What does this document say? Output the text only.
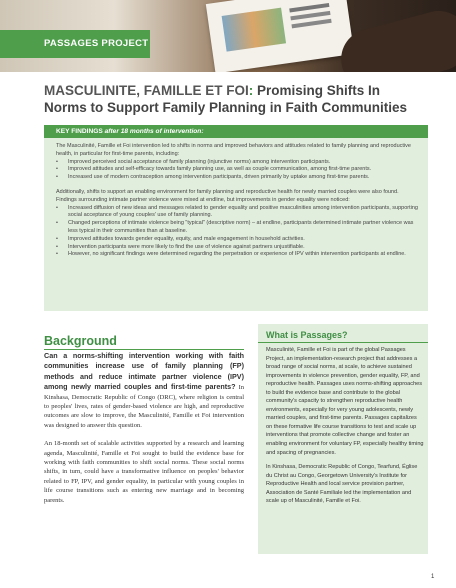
PASSAGES PROJECT
MASCULINITE, FAMILLE ET FOI: Promising Shifts In Norms to Support Family Planning in Faith Communities
KEY FINDINGS after 18 months of intervention:

The Masculinité, Famille et Foi intervention led to shifts in norms and improved behaviors and attitudes related to family planning and reproductive health, in particular for first-time parents, including:

• Improved perceived social acceptance of family planning (injunctive norms) among intervention participants.
• Improved attitudes and self-efficacy towards family planning use, as well as couple communication, among first-time parents.
• Increased use of modern contraception among intervention participants, driven primarily by uptake among first-time parents.

Additionally, shifts to support an enabling environment for family planning and reproductive health for newly married couples were also found. Findings surrounding intimate partner violence were mixed at endline, but improvements in gender equality were noticed:

• Increased diffusion of new ideas and messages related to gender equality and positive masculinities among intervention participants, supporting social acceptance of young couples' use of family planning.
• Changed perceptions of intimate violence being "typical" (descriptive norm) – at endline, participants determined intimate partner violence was less typical in their communities than at baseline.
• Improved attitudes towards gender equality, equity, and male engagement in household activities.
• Intervention participants were more likely to find the use of violence against partners unjustifiable.
• However, no significant findings were determined regarding the perpetration or experience of IPV within intervention participants at endline.
Background

Can a norms-shifting intervention working with faith communities increase use of family planning (FP) methods and reduce intimate partner violence (IPV) among newly married couples and first-time parents? In Kinshasa, Democratic Republic of Congo (DRC), where religion is central to peoples' lives, rates of gender-based violence are high, and reproductive outcomes are slow to improve, the Masculinité, Famille et Foi intervention was designed to answer this question.

An 18-month set of scalable activities supported by a research and learning agenda, Masculinité, Famille et Foi sought to build the evidence base for working with faith communities to shift social norms. These social norms shifts, in turn, could have a transformative influence on peoples' behavior related to FP, IPV, and gender equality, in particular with young couples in life course transitions such as entering new marriage and in becoming parents.

What is Passages?

Masculinité, Famille et Foi is part of the global Passages Project, an implementation-research project that addresses a broad range of social norms, at scale, to achieve sustained improvements in violence prevention, gender equality, FP, and reproductive health. Passages uses norms-shifting approaches to build the evidence base and contribute to the global community's capacity to strengthen reproductive health environments, especially for very young adolescents, newly married couples, and first-time parents. Passages capitalizes on these formative life course transitions to test and scale up interventions that promote collective change and foster an enabling environment for voluntary FP, especially healthy timing and spacing of pregnancies.

In Kinshasa, Democratic Republic of Congo, Tearfund, Église du Christ au Congo, Georgetown University's Institute for Reproductive Health and local service provision partner, Association de Santé Familiale led the implementation and scale up of Masculinité, Famille et Foi.

1
